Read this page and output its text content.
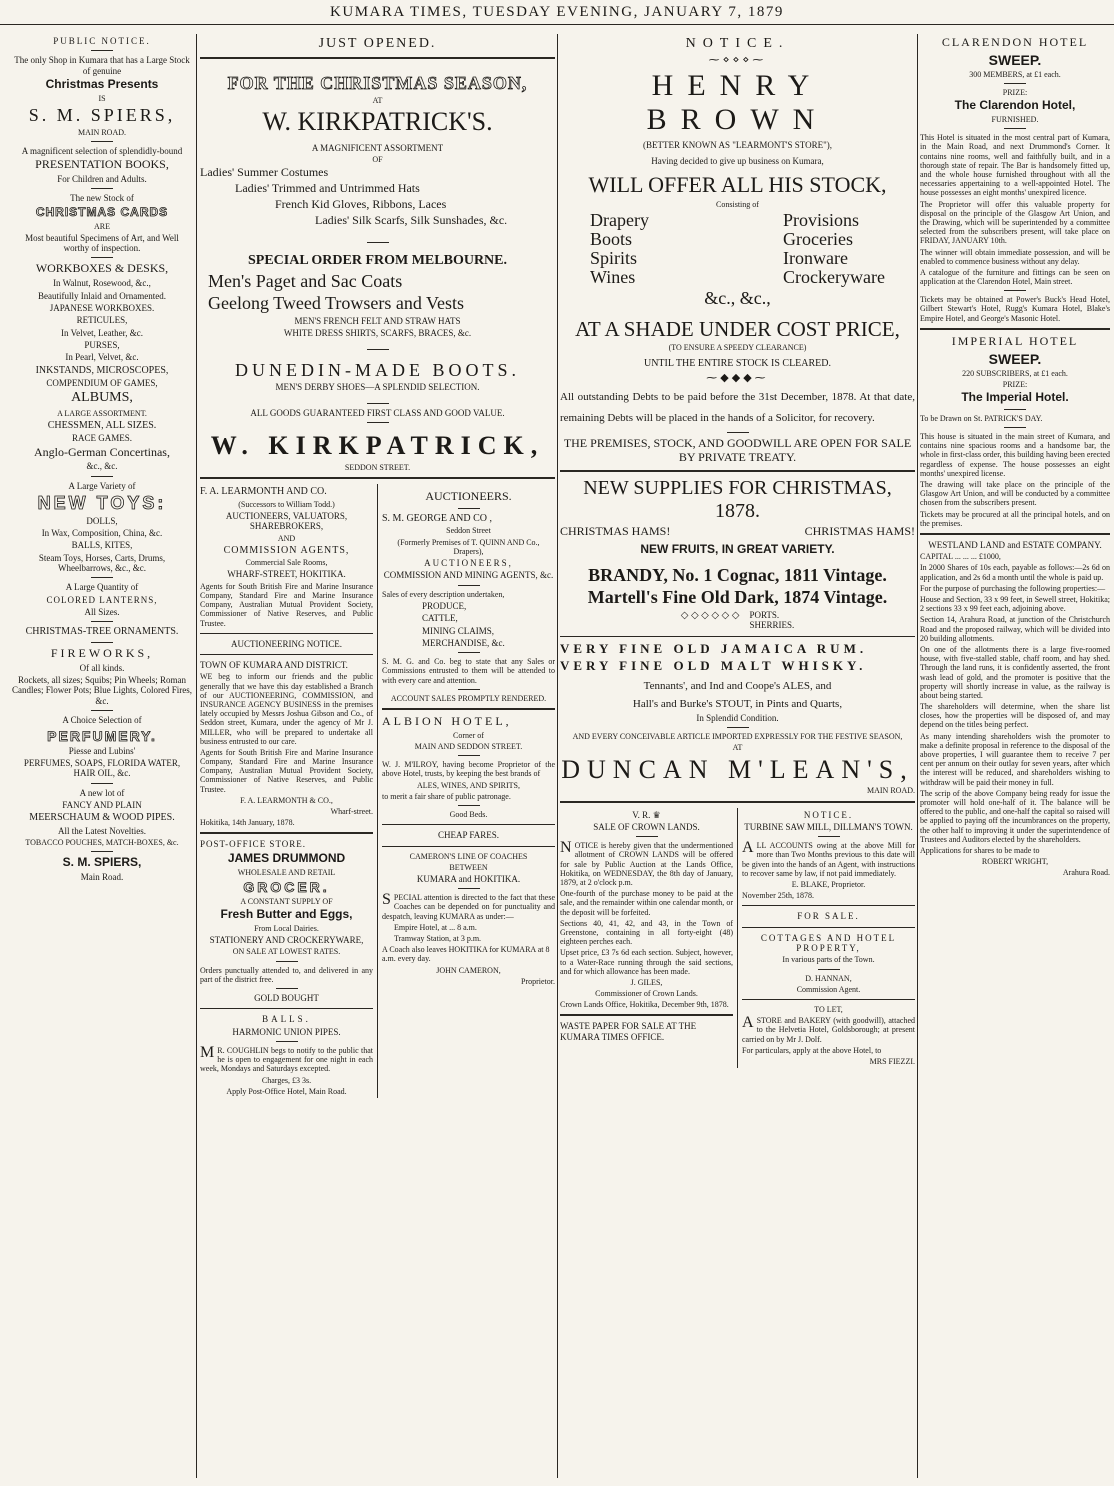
KUMARA TIMES, TUESDAY EVENING, JANUARY 7, 1879

PUBLIC NOTICE.

The only Shop in Kumara that has a Large Stock of genuine

Christmas Presents

IS

S. M. SPIERS,

MAIN ROAD.

A magnificent selection of splendidly-bound

PRESENTATION BOOKS,

For Children and Adults.

The new Stock of

CHRISTMAS CARDS

ARE

Most beautiful Specimens of Art, and Well worthy of inspection.

WORKBOXES & DESKS,

In Walnut, Rosewood, &c.,

Beautifully Inlaid and Ornamented.

JAPANESE WORKBOXES.

RETICULES,

In Velvet, Leather, &c.

PURSES,

In Pearl, Velvet, &c.

INKSTANDS, MICROSCOPES,

COMPENDIUM OF GAMES,

ALBUMS,

A LARGE ASSORTMENT.

CHESSMEN, ALL SIZES.

RACE GAMES.

Anglo-German Concertinas,

&c., &c.

A Large Variety of

NEW TOYS:

DOLLS,

In Wax, Composition, China, &c.

BALLS, KITES,

Steam Toys, Horses, Carts, Drums, Wheelbarrows, &c., &c.

A Large Quantity of

COLORED LANTERNS,

All Sizes.

CHRISTMAS-TREE ORNAMENTS.

FIREWORKS,

Of all kinds.

Rockets, all sizes; Squibs; Pin Wheels; Roman Candles; Flower Pots; Blue Lights, Colored Fires, &c.

A Choice Selection of

PERFUMERY.

Piesse and Lubins'

PERFUMES, SOAPS, FLORIDA WATER, HAIR OIL, &c.

A new lot of

FANCY AND PLAIN

MEERSCHAUM & WOOD PIPES.

All the Latest Novelties.

TOBACCO POUCHES, MATCH-BOXES, &c.

S. M. SPIERS,

Main Road.

JUST OPENED.

FOR THE CHRISTMAS SEASON,

AT

W. KIRKPATRICK'S.

A MAGNIFICENT ASSORTMENT

OF

Ladies' Summer Costumes

Ladies' Trimmed and Untrimmed Hats

French Kid Gloves, Ribbons, Laces

Ladies' Silk Scarfs, Silk Sunshades, &c.

SPECIAL ORDER FROM MELBOURNE.

Men's Paget and Sac Coats

Geelong Tweed Trowsers and Vests

MEN'S FRENCH FELT AND STRAW HATS

WHITE DRESS SHIRTS, SCARFS, BRACES, &c.

DUNEDIN-MADE BOOTS.

MEN'S DERBY SHOES—A SPLENDID SELECTION.

ALL GOODS GUARANTEED FIRST CLASS AND GOOD VALUE.

W. KIRKPATRICK,

SEDDON STREET.

F. A. LEARMONTH AND CO.

(Successors to William Todd.)

AUCTIONEERS, VALUATORS, SHAREBROKERS,

AND

COMMISSION AGENTS,

Commercial Sale Rooms,

WHARF-STREET, HOKITIKA.

Agents for South British Fire and Marine Insurance Company, Standard Fire and Marine Insurance Company, Australian Mutual Provident Society, Commissioner of Native Reserves, and Public Trustee.

AUCTIONEERING NOTICE.

TOWN OF KUMARA AND DISTRICT.

WE beg to inform our friends and the public generally that we have this day established a Branch of our AUCTIONEERING, COMMISSION, and INSURANCE AGENCY BUSINESS in the premises lately occupied by Messrs Joshua Gibson and Co., of Seddon street, Kumara, under the agency of Mr J. MILLER, who will be prepared to undertake all business entrusted to our care.

Agents for South British Fire and Marine Insurance Company, Standard Fire and Marine Insurance Company, Australian Mutual Provident Society, Commissioner of Native Reserves, and Public Trustee.

F. A. LEARMONTH & CO.,

Wharf-street.

Hokitika, 14th January, 1878.

POST-OFFICE STORE.

JAMES DRUMMOND

WHOLESALE AND RETAIL

GROCER.

A CONSTANT SUPPLY OF

Fresh Butter and Eggs,

From Local Dairies.

STATIONERY AND CROCKERYWARE,

ON SALE AT LOWEST RATES.

Orders punctually attended to, and delivered in any part of the district free.

GOLD BOUGHT

BALLS.

HARMONIC UNION PIPES.

MR. COUGHLIN begs to notify to the public that he is open to engagement for one night in each week, Mondays and Saturdays excepted.

Charges, £3 3s.

Apply Post-Office Hotel, Main Road.

AUCTIONEERS.

S. M. GEORGE AND CO ,

Seddon Street

(Formerly Premises of T. QUINN AND Co., Drapers),

AUCTIONEERS,

COMMISSION AND MINING AGENTS, &c.

Sales of every description undertaken,

PRODUCE,

CATTLE,

MINING CLAIMS,

MERCHANDISE, &c.

S. M. G. and Co. beg to state that any Sales or Commissions entrusted to them will be attended to with every care and attention.

ACCOUNT SALES PROMPTLY RENDERED.

ALBION HOTEL,

Corner of

MAIN AND SEDDON STREET.

W. J. M'ILROY, having become Proprietor of the above Hotel, trusts, by keeping the best brands of

ALES, WINES, AND SPIRITS,

to merit a fair share of public patronage.

Good Beds.

CHEAP FARES.

CAMERON'S LINE OF COACHES

BETWEEN

KUMARA and HOKITIKA.

SPECIAL attention is directed to the fact that these Coaches can be depended on for punctuality and despatch, leaving KUMARA as under:—

Empire Hotel, at ... 8 a.m.

Tramway Station, at 3 p.m.

A Coach also leaves HOKITIKA for KUMARA at 8 a.m. every day.

JOHN CAMERON,

Proprietor.

NOTICE.

⁓⋄⋄⋄⁓

HENRY BROWN

(BETTER KNOWN AS "LEARMONT'S STORE"),

Having decided to give up business on Kumara,

WILL OFFER ALL HIS STOCK,

Consisting of

Drapery
Boots
Spirits
Wines
Provisions
Groceries
Ironware
Crockeryware

&c., &c.,

AT A SHADE UNDER COST PRICE,

(TO ENSURE A SPEEDY CLEARANCE)

UNTIL THE ENTIRE STOCK IS CLEARED.

⁓◆◆◆⁓

All outstanding Debts to be paid before the 31st December, 1878. At that date, remaining Debts will be placed in the hands of a Solicitor, for recovery.

THE PREMISES, STOCK, AND GOODWILL ARE OPEN FOR SALE BY PRIVATE TREATY.

NEW SUPPLIES FOR CHRISTMAS, 1878.

CHRISTMAS HAMS!	CHRISTMAS HAMS!

NEW FRUITS, IN GREAT VARIETY.

BRANDY, No. 1 Cognac, 1811 Vintage.

Martell's Fine Old Dark, 1874 Vintage.

◇ ◇ ◇ ◇ ◇ ◇ PORTS.
SHERRIES.

VERY FINE OLD JAMAICA RUM.

VERY FINE OLD MALT WHISKY.

Tennants', and Ind and Coope's ALES, and

Hall's and Burke's STOUT, in Pints and Quarts,

In Splendid Condition.

AND EVERY CONCEIVABLE ARTICLE IMPORTED EXPRESSLY FOR THE FESTIVE SEASON,

AT

DUNCAN M'LEAN'S,

MAIN ROAD.

V. R. ♛

SALE OF CROWN LANDS.

NOTICE is hereby given that the undermentioned allotment of CROWN LANDS will be offered for sale by Public Auction at the Lands Office, Hokitika, on WEDNESDAY, the 8th day of January, 1879, at 2 o'clock p.m.

One-fourth of the purchase money to be paid at the sale, and the remainder within one calendar month, or the deposit will be forfeited.

Sections 40, 41, 42, and 43, in the Town of Greenstone, containing in all forty-eight (48) eighteen perches each.

Upset price, £3 7s 6d each section. Subject, however, to a Water-Race running through the said sections, and for which allowance has been made.

J. GILES,

Commissioner of Crown Lands.

Crown Lands Office, Hokitika, December 9th, 1878.

WASTE PAPER FOR SALE AT THE KUMARA TIMES OFFICE.

NOTICE.

TURBINE SAW MILL, DILLMAN'S TOWN.

ALL ACCOUNTS owing at the above Mill for more than Two Months previous to this date will be given into the hands of an Agent, with instructions to recover same by law, if not paid immediately.

E. BLAKE, Proprietor.

November 25th, 1878.

FOR SALE.

COTTAGES AND HOTEL PROPERTY,

In various parts of the Town.

D. HANNAN,

Commission Agent.

TO LET,

ASTORE and BAKERY (with goodwill), attached to the Helvetia Hotel, Goldsborough; at present carried on by Mr J. Dolf.

For particulars, apply at the above Hotel, to

MRS FIEZZI.

CLARENDON HOTEL

SWEEP.

300 MEMBERS, at £1 each.

PRIZE:

The Clarendon Hotel,

FURNISHED.

This Hotel is situated in the most central part of Kumara, in the Main Road, and next Drummond's Corner. It contains nine rooms, well and faithfully built, and in a thorough state of repair. The Bar is handsomely fitted up, and the whole house furnished throughout with all the necessaries appertaining to a well-appointed Hotel. The house possesses an eight months' unexpired licence.

The Proprietor will offer this valuable property for disposal on the principle of the Glasgow Art Union, and the Drawing, which will be superintended by a committee selected from the subscribers present, will take place on FRIDAY, JANUARY 10th.

The winner will obtain immediate possession, and will be enabled to commence business without any delay.

A catalogue of the furniture and fittings can be seen on application at the Clarendon Hotel, Main street.

Tickets may be obtained at Power's Buck's Head Hotel, Gilbert Stewart's Hotel, Rugg's Kumara Hotel, Blake's Empire Hotel, and George's Masonic Hotel.

IMPERIAL HOTEL

SWEEP.

220 SUBSCRIBERS, at £1 each.

PRIZE:

The Imperial Hotel.

To be Drawn on St. PATRICK'S DAY.

This house is situated in the main street of Kumara, and contains nine spacious rooms and a handsome bar, the whole in first-class order, this building having been erected regardless of expense. The house possesses an eight months' unexpired license.

The drawing will take place on the principle of the Glasgow Art Union, and will be conducted by a committee chosen from the subscribers present.

Tickets may be procured at all the principal hotels, and on the premises.

WESTLAND LAND and ESTATE COMPANY.

CAPITAL ... ... ... £1000,

In 2000 Shares of 10s each, payable as follows:—2s 6d on application, and 2s 6d a month until the whole is paid up.

For the purpose of purchasing the following properties:—

House and Section, 33 x 99 feet, in Sewell street, Hokitika; 2 sections 33 x 99 feet each, adjoining above.

Section 14, Arahura Road, at junction of the Christchurch Road and the proposed railway, which will be divided into 20 building allotments.

On one of the allotments there is a large five-roomed house, with five-stalled stable, chaff room, and hay shed. Through the land runs, it is confidently asserted, the front wash lead of gold, and the promoter is positive that the property will shortly increase in value, as the railway is about being started.

The shareholders will determine, when the share list closes, how the properties will be disposed of, and may depend on the titles being perfect.

As many intending shareholders wish the promoter to make a definite proposal in reference to the disposal of the above properties, I will guarantee them to receive 7 per cent per annum on their outlay for seven years, after which the interest will be reduced, and shareholders wishing to withdraw will be paid their money in full.

The scrip of the above Company being ready for issue the promoter will hold one-half of it. The balance will be offered to the public, and one-half the capital so raised will be applied to paying off the incumbrances on the property, the other half to improving it under the superintendence of Trustees and Auditors elected by the shareholders.

Applications for shares to be made to

ROBERT WRIGHT,

Arahura Road.
